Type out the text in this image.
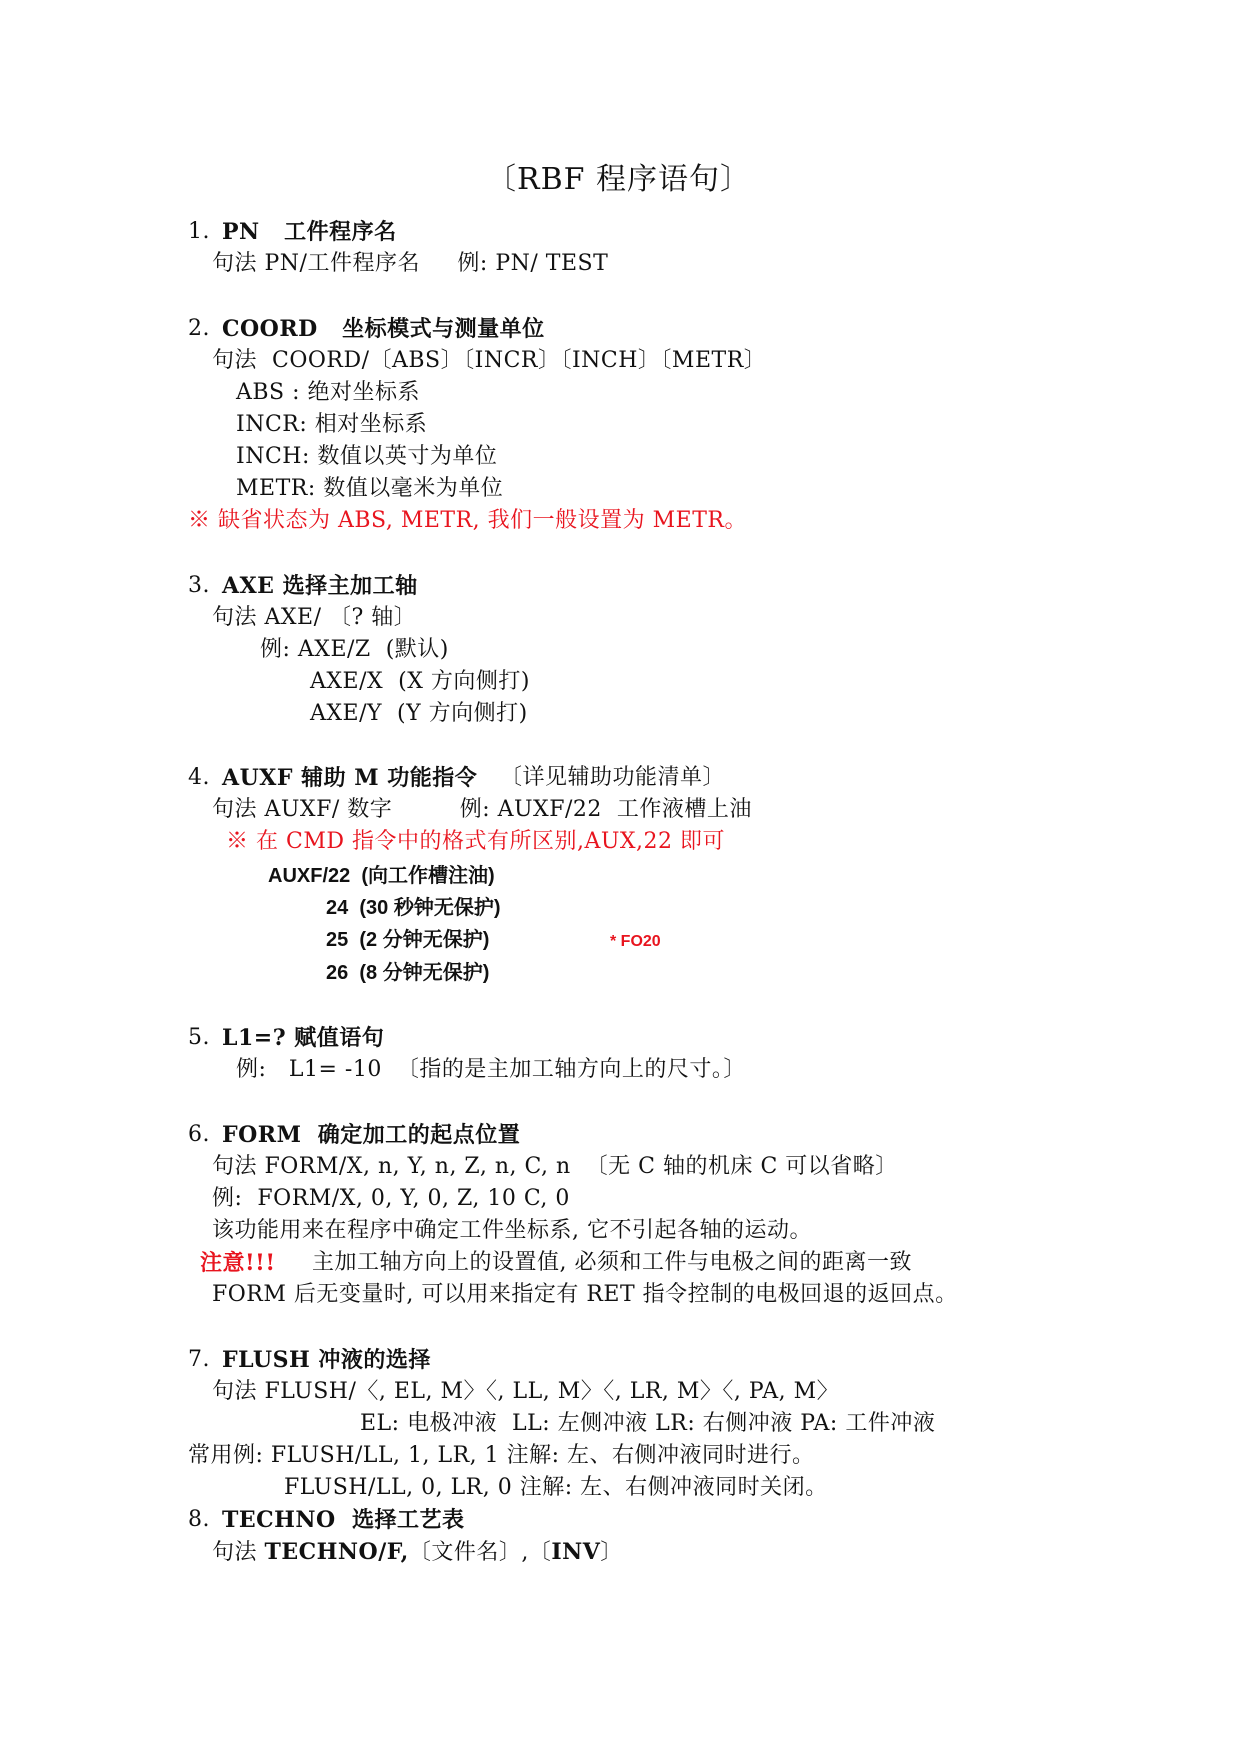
〔RBF 程序语句〕
1. PN   工件程序名
句法 PN/工件程序名     例: PN/ TEST
2. COORD   坐标模式与测量单位
句法  COORD/〔ABS〕〔INCR〕〔INCH〕〔METR〕
ABS : 绝对坐标系
INCR: 相对坐标系
INCH: 数值以英寸为单位
METR: 数值以毫米为单位
※ 缺省状态为 ABS, METR, 我们一般设置为 METR。
3. AXE 选择主加工轴
句法 AXE/ 〔? 轴〕
例: AXE/Z  (默认)
AXE/X  (X 方向侧打)
AXE/Y  (Y 方向侧打)
4. AUXF 辅助 M 功能指令 〔详见辅助功能清单〕
句法 AUXF/ 数字         例: AUXF/22  工作液槽上油
※ 在 CMD 指令中的格式有所区别,AUX,22 即可
AUXF/22  (向工作槽注油)
24  (30 秒钟无保护)
25  (2 分钟无保护)	* FO20
26  (8 分钟无保护)
5. L1=? 赋值语句
例:   L1= -10  〔指的是主加工轴方向上的尺寸。〕
6. FORM  确定加工的起点位置
句法 FORM/X, n, Y, n, Z, n, C, n  〔无 C 轴的机床 C 可以省略〕
例:  FORM/X, 0, Y, 0, Z, 10 C, 0
该功能用来在程序中确定工件坐标系, 它不引起各轴的运动。
注意!!! 主加工轴方向上的设置值, 必须和工件与电极之间的距离一致
FORM 后无变量时, 可以用来指定有 RET 指令控制的电极回退的返回点。
7. FLUSH 冲液的选择
句法 FLUSH/〈, EL, M〉〈, LL, M〉〈, LR, M〉〈, PA, M〉
EL: 电极冲液  LL: 左侧冲液 LR: 右侧冲液 PA: 工件冲液
常用例: FLUSH/LL, 1, LR, 1 注解: 左、右侧冲液同时进行。
FLUSH/LL, 0, LR, 0 注解: 左、右侧冲液同时关闭。
8. TECHNO  选择工艺表
句法 TECHNO/F,〔文件名〕,〔INV〕
